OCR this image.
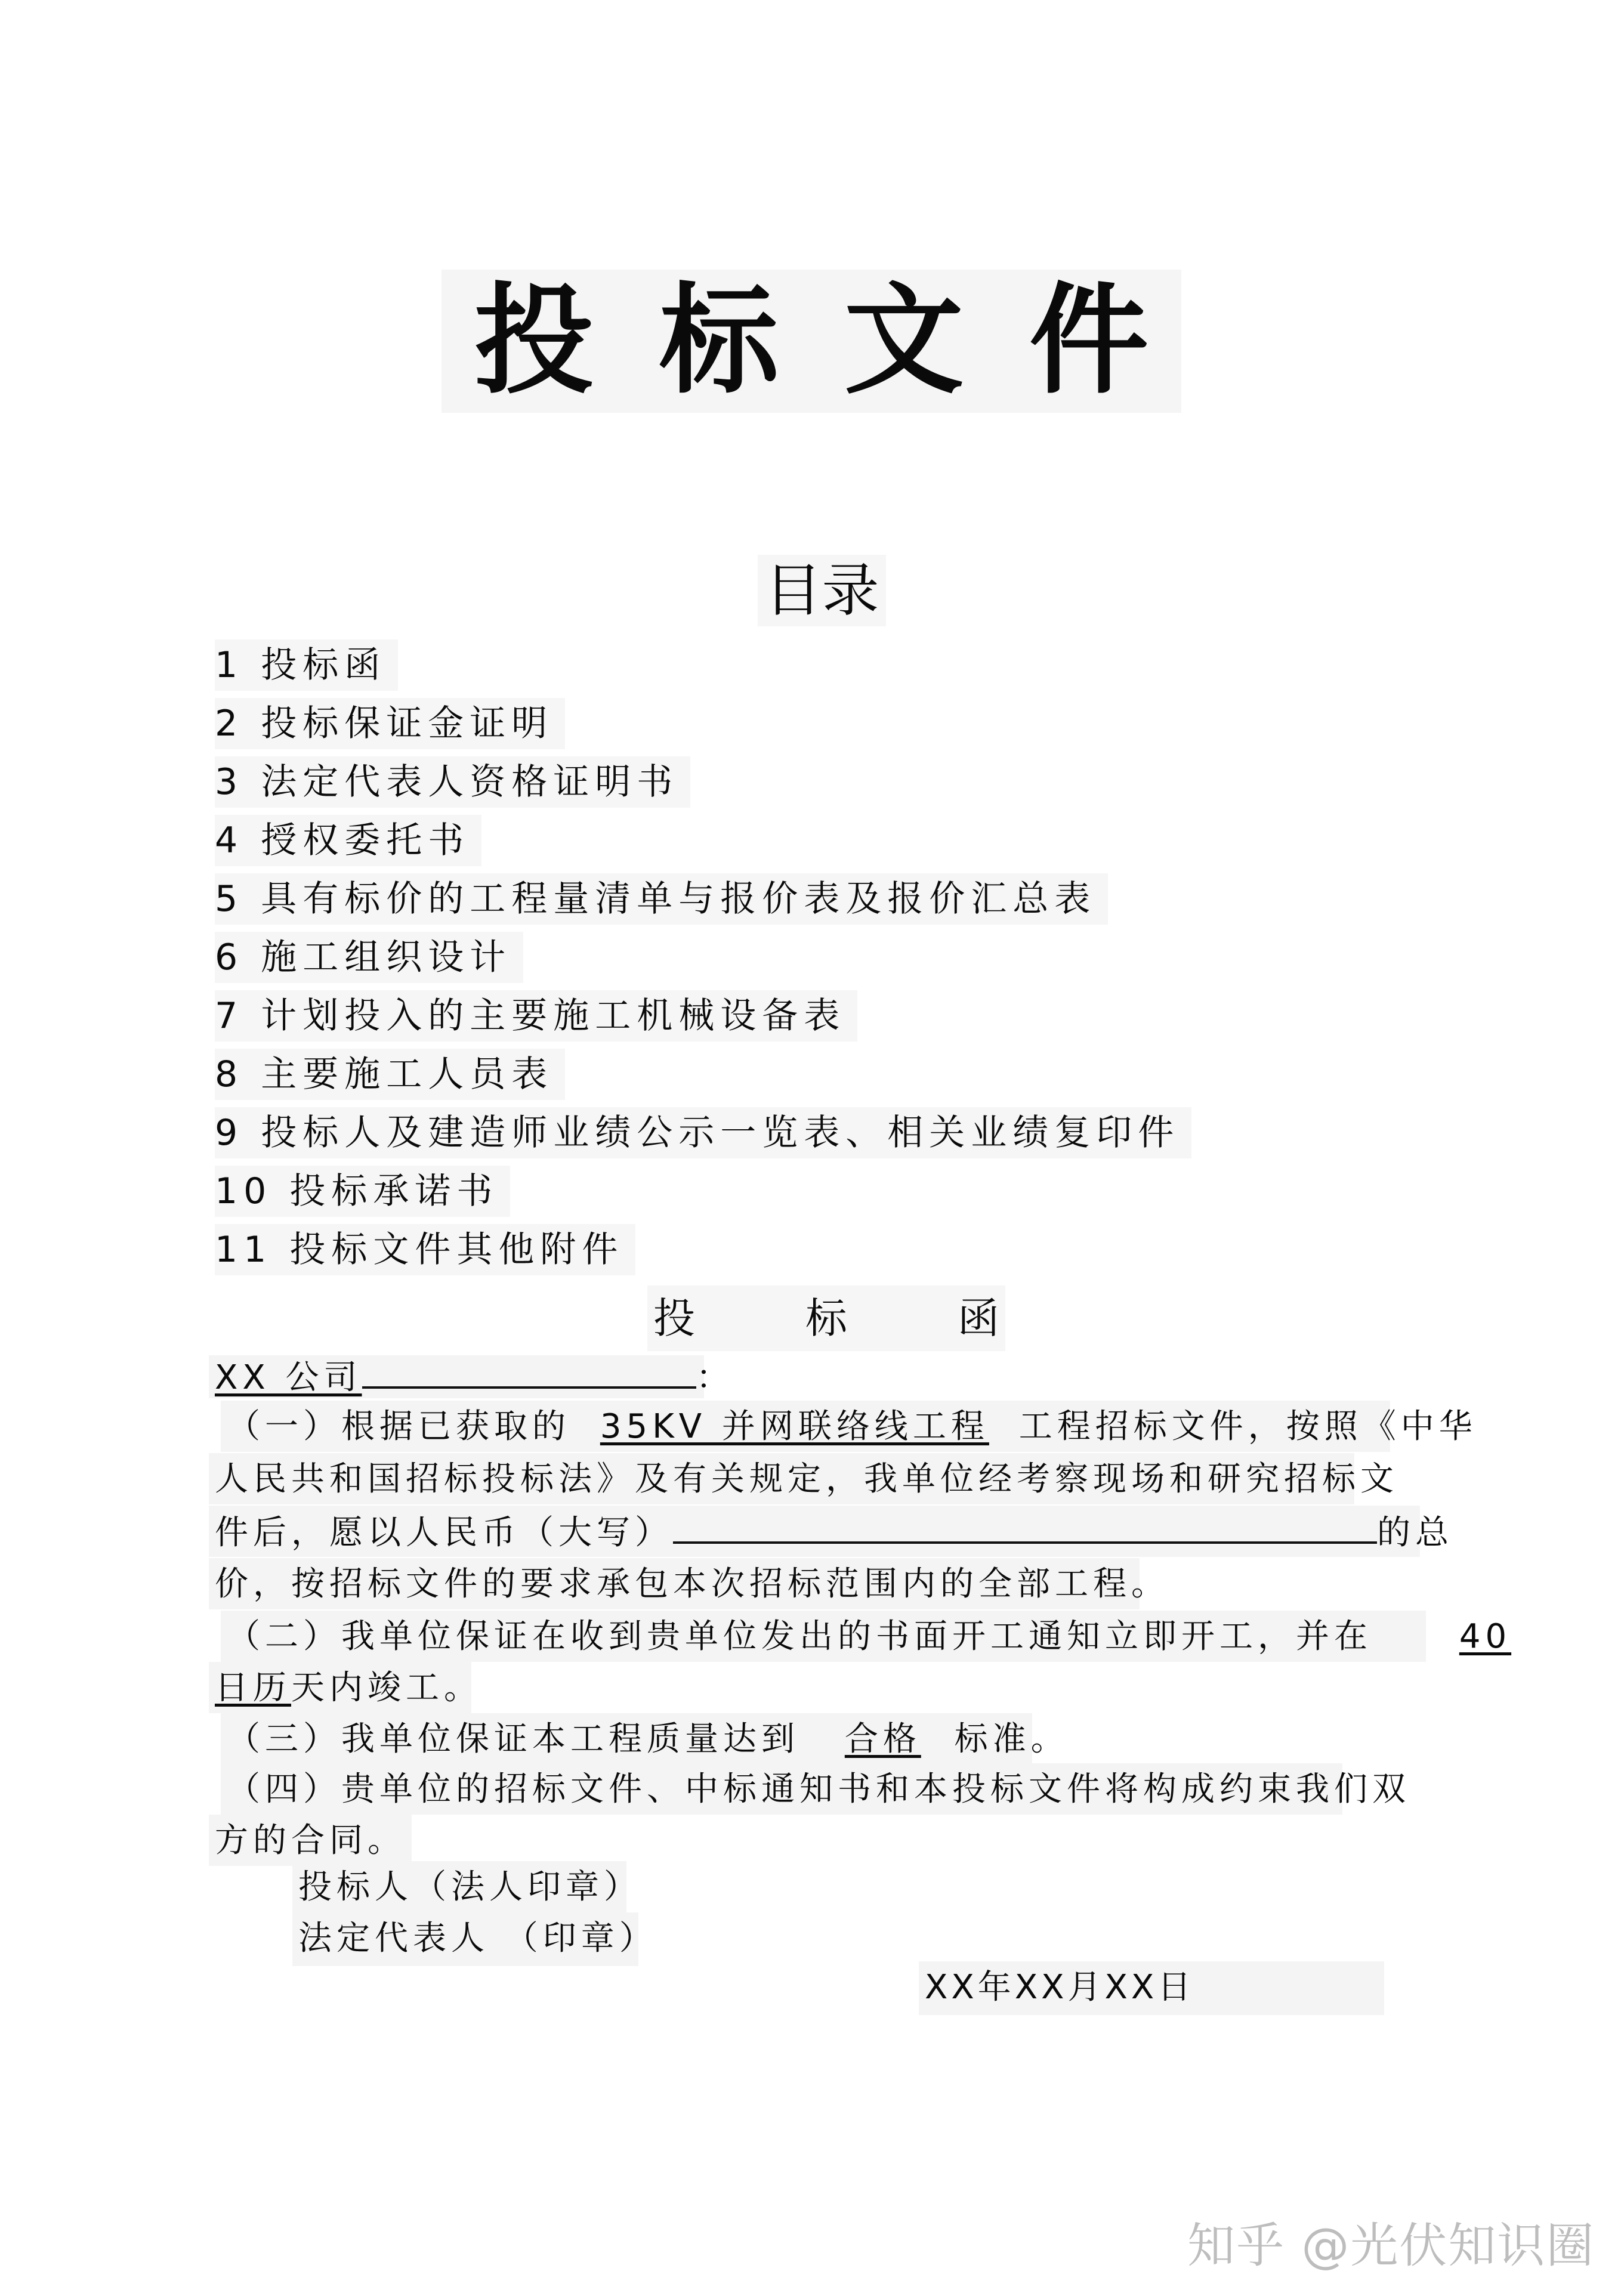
投 标 文 件
目录
1 投标函
2 投标保证金证明
3 法定代表人资格证明书
4 授权委托书
5 具有标价的工程量清单与报价表及报价汇总表
6 施工组织设计
7 计划投入的主要施工机械设备表
8 主要施工人员表
9 投标人及建造师业绩公示一览表、相关业绩复印件
10 投标承诺书
11 投标文件其他附件
投	标	函
XX 公司	：
（一）根据已获取的 35KV 并网联络线工程 工程招标文件，按照《中华
人民共和国招标投标法》及有关规定，我单位经考察现场和研究招标文
件后，愿以人民币（大写）	的总
价，按招标文件的要求承包本次招标范围内的全部工程。
（二）我单位保证在收到贵单位发出的书面开工通知立即开工，并在	40
日历天内竣工。
（三）我单位保证本工程质量达到 合格 标准。
（四）贵单位的招标文件、中标通知书和本投标文件将构成约束我们双
方的合同。
投标人（法人印章）
法定代表人 （印章）
XX年XX月XX日
知乎 @光伏知识圈
